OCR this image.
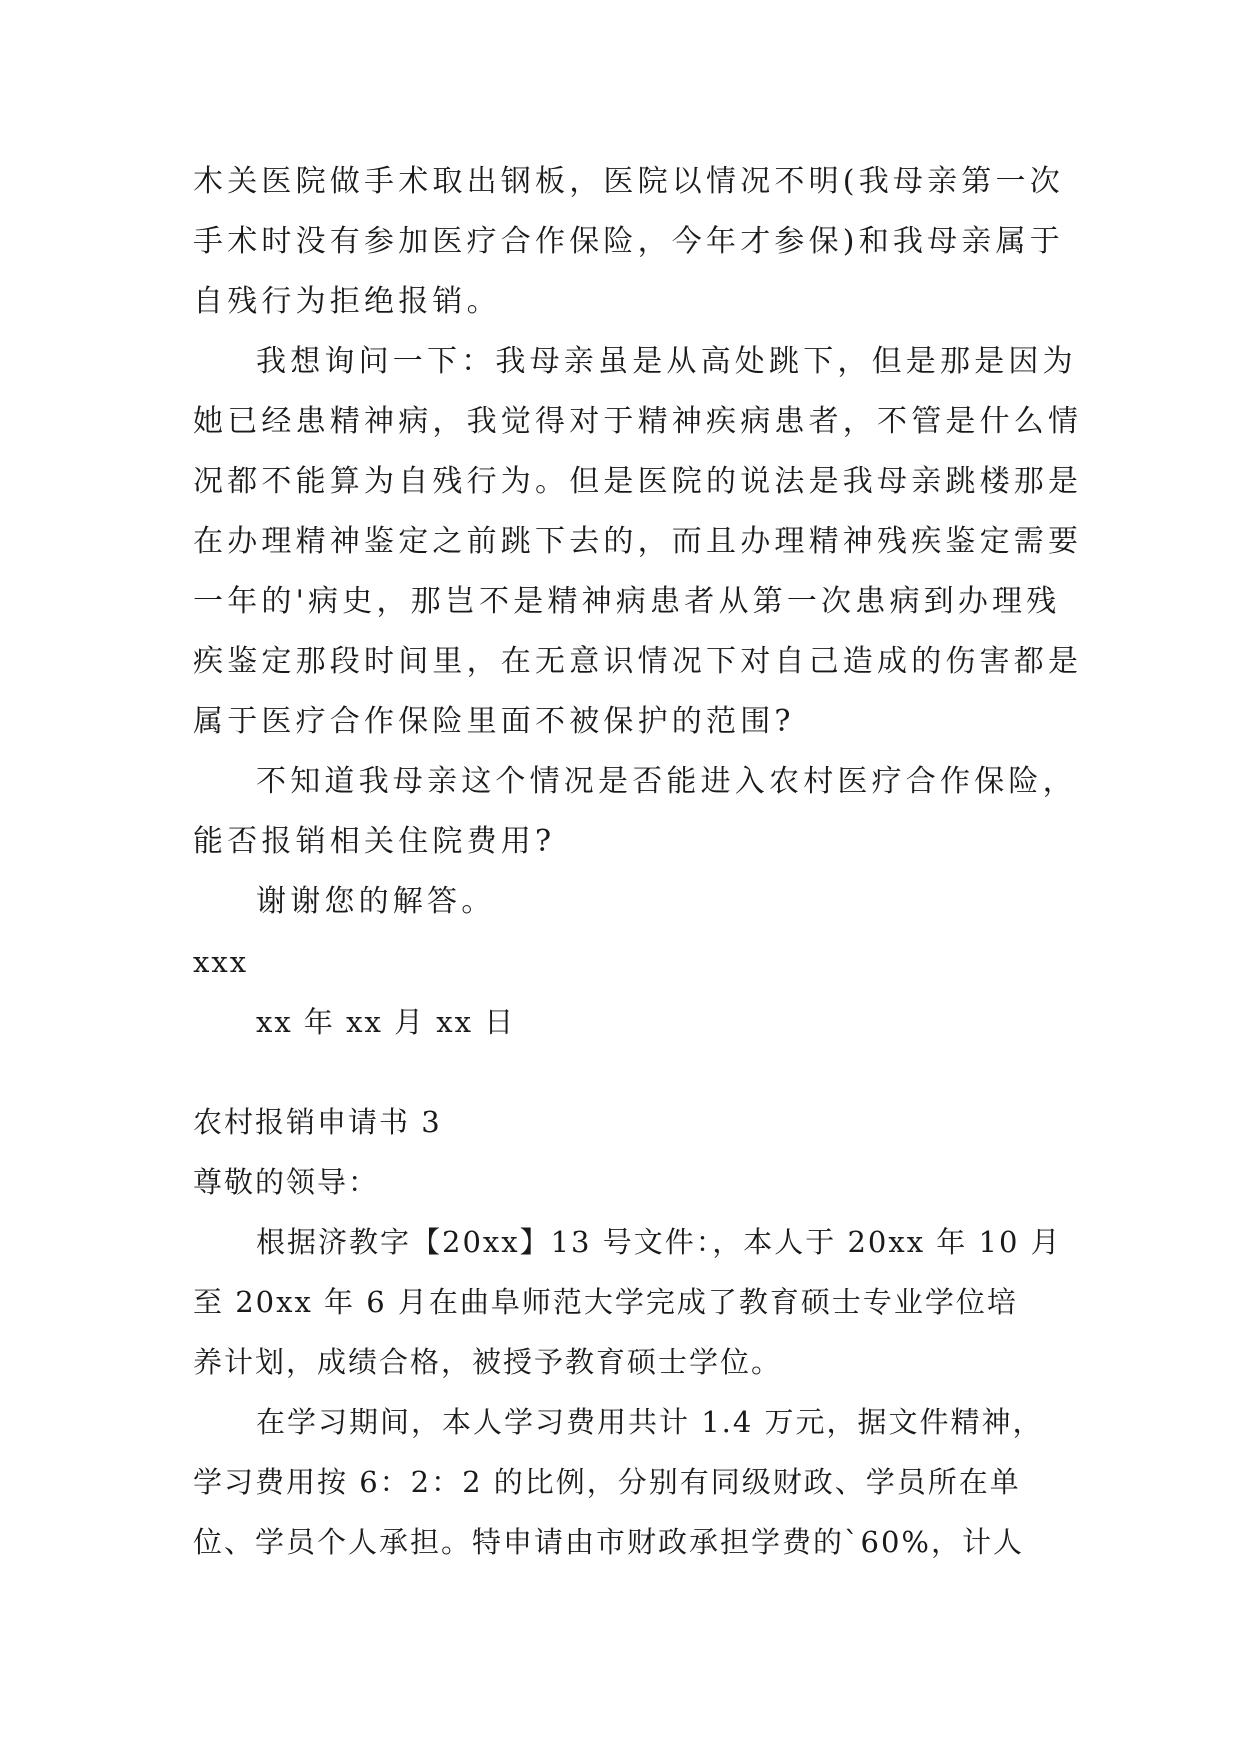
木关医院做手术取出钢板，医院以情况不明(我母亲第一次
手术时没有参加医疗合作保险，今年才参保)和我母亲属于
自残行为拒绝报销。
我想询问一下：我母亲虽是从高处跳下，但是那是因为
她已经患精神病，我觉得对于精神疾病患者，不管是什么情
况都不能算为自残行为。但是医院的说法是我母亲跳楼那是
在办理精神鉴定之前跳下去的，而且办理精神残疾鉴定需要
一年的'病史，那岂不是精神病患者从第一次患病到办理残
疾鉴定那段时间里，在无意识情况下对自己造成的伤害都是
属于医疗合作保险里面不被保护的范围?
不知道我母亲这个情况是否能进入农村医疗合作保险，
能否报销相关住院费用?
谢谢您的解答。
xxx
xx 年 xx 月 xx 日
农村报销申请书 3
尊敬的领导：
根据济教字【20xx】13 号文件：，本人于 20xx 年 10 月
至 20xx 年 6 月在曲阜师范大学完成了教育硕士专业学位培
养计划，成绩合格，被授予教育硕士学位。
在学习期间，本人学习费用共计 1.4 万元，据文件精神，
学习费用按 6：2：2 的比例，分别有同级财政、学员所在单
位、学员个人承担。特申请由市财政承担学费的`60%，计人
